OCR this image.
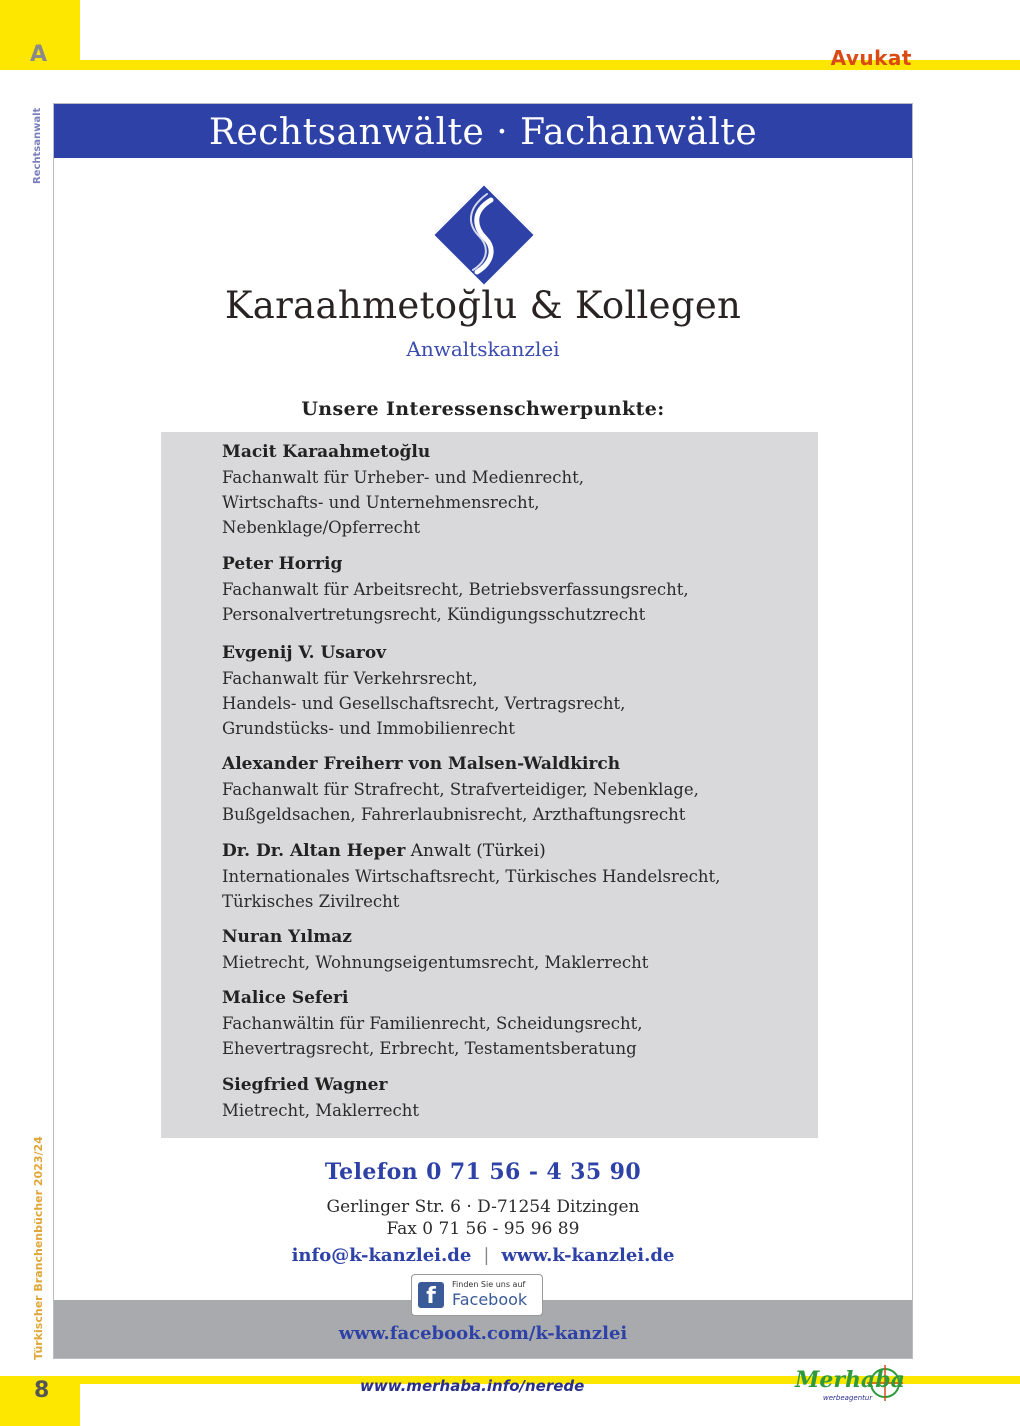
A	Avukat
Rechtsanwalt
Türkischer Branchenbücher 2023/24
Rechtsanwälte · Fachanwälte
Karaahmetoğlu & Kollegen
Anwaltskanzlei
Unsere Interessenschwerpunkte:
Macit Karaahmetoğlu
Fachanwalt für Urheber- und Medienrecht,
Wirtschafts- und Unternehmensrecht,
Nebenklage/Opferrecht
Peter Horrig
Fachanwalt für Arbeitsrecht, Betriebsverfassungsrecht,
Personalvertretungsrecht, Kündigungsschutzrecht
Evgenij V. Usarov
Fachanwalt für Verkehrsrecht,
Handels- und Gesellschaftsrecht, Vertragsrecht,
Grundstücks- und Immobilienrecht
Alexander Freiherr von Malsen-Waldkirch
Fachanwalt für Strafrecht, Strafverteidiger, Nebenklage,
Bußgeldsachen, Fahrerlaubnisrecht, Arzthaftungsrecht
Dr. Dr. Altan Heper Anwalt (Türkei)
Internationales Wirtschaftsrecht, Türkisches Handelsrecht,
Türkisches Zivilrecht
Nuran Yılmaz
Mietrecht, Wohnungseigentumsrecht, Maklerrecht
Malice Seferi
Fachanwältin für Familienrecht, Scheidungsrecht,
Ehevertragsrecht, Erbrecht, Testamentsberatung
Siegfried Wagner
Mietrecht, Maklerrecht
Telefon 0 71 56 - 4 35 90
Gerlinger Str. 6 · D-71254 Ditzingen
Fax 0 71 56 - 95 96 89
info@k-kanzlei.de | www.k-kanzlei.de
f	Finden Sie uns auf
Facebook
www.facebook.com/k-kanzlei
8	www.merhaba.info/nerede	Merhaba
werbeagentur
